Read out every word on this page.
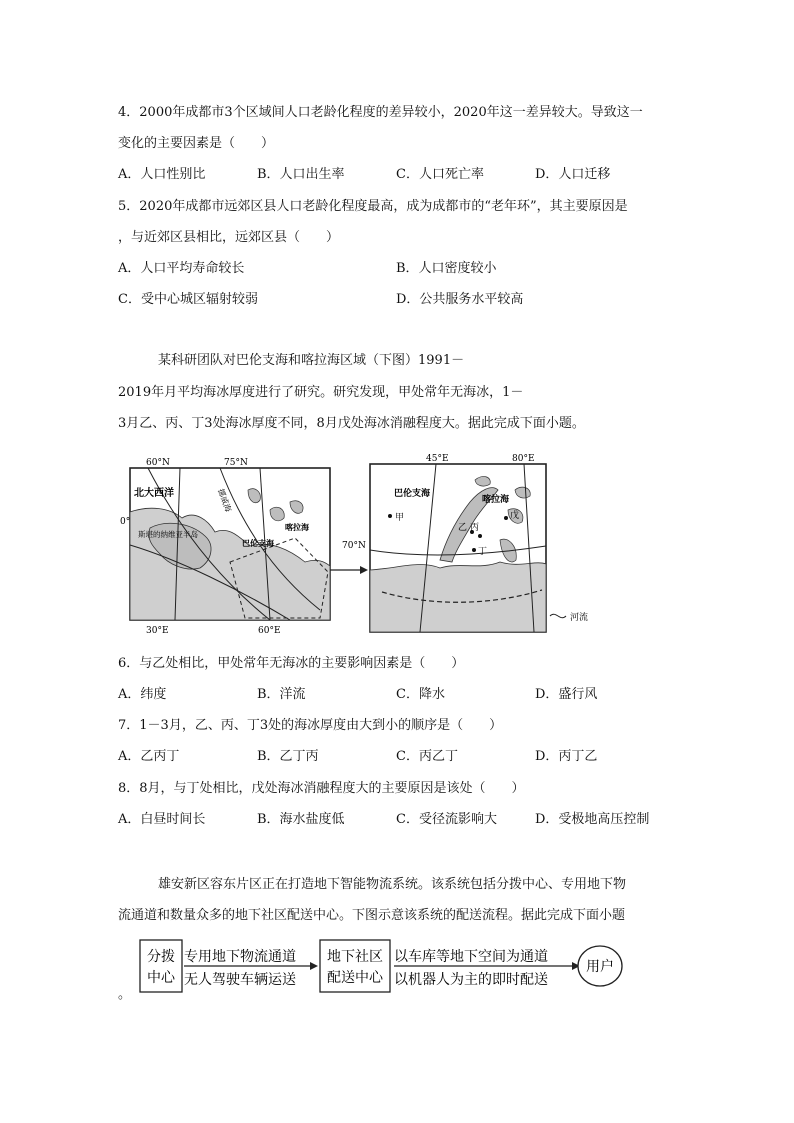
4．2000年成都市3个区域间人口老龄化程度的差异较小，2020年这一差异较大。导致这一
变化的主要因素是（　　）
A．人口性别比	B．人口出生率	C．人口死亡率	D．人口迁移
5．2020年成都市远郊区县人口老龄化程度最高，成为成都市的“老年环”，其主要原因是
，与近郊区县相比，远郊区县（　　）
A．人口平均寿命较长	B．人口密度较小
C．受中心城区辐射较弱	D．公共服务水平较高
某科研团队对巴伦支海和喀拉海区域（下图）1991－
2019年月平均海冰厚度进行了研究。研究发现，甲处常年无海冰，1－
3月乙、丙、丁3处海冰厚度不同，8月戊处海冰消融程度大。据此完成下面小题。
60°N	75°N
0°
30°E	60°E
北大西洋	挪威海
斯堪的纳维亚半岛
巴伦支海
喀拉海
45°E	80°E
70°N
巴伦支海
喀拉海
甲
乙 丙
丁
戊
河流
6．与乙处相比，甲处常年无海冰的主要影响因素是（　　）
A．纬度	B．洋流	C．降水	D．盛行风
7．1－3月，乙、丙、丁3处的海冰厚度由大到小的顺序是（　　）
A．乙丙丁	B．乙丁丙	C．丙乙丁	D．丙丁乙
8．8月，与丁处相比，戊处海冰消融程度大的主要原因是该处（　　）
A．白昼时间长	B．海水盐度低	C．受径流影响大	D．受极地高压控制
雄安新区容东片区正在打造地下智能物流系统。该系统包括分拨中心、专用地下物
流通道和数量众多的地下社区配送中心。下图示意该系统的配送流程。据此完成下面小题
分拨
中心
专用地下物流通道
无人驾驶车辆运送
地下社区
配送中心
以车库等地下空间为通道
以机器人为主的即时配送
用户
。
